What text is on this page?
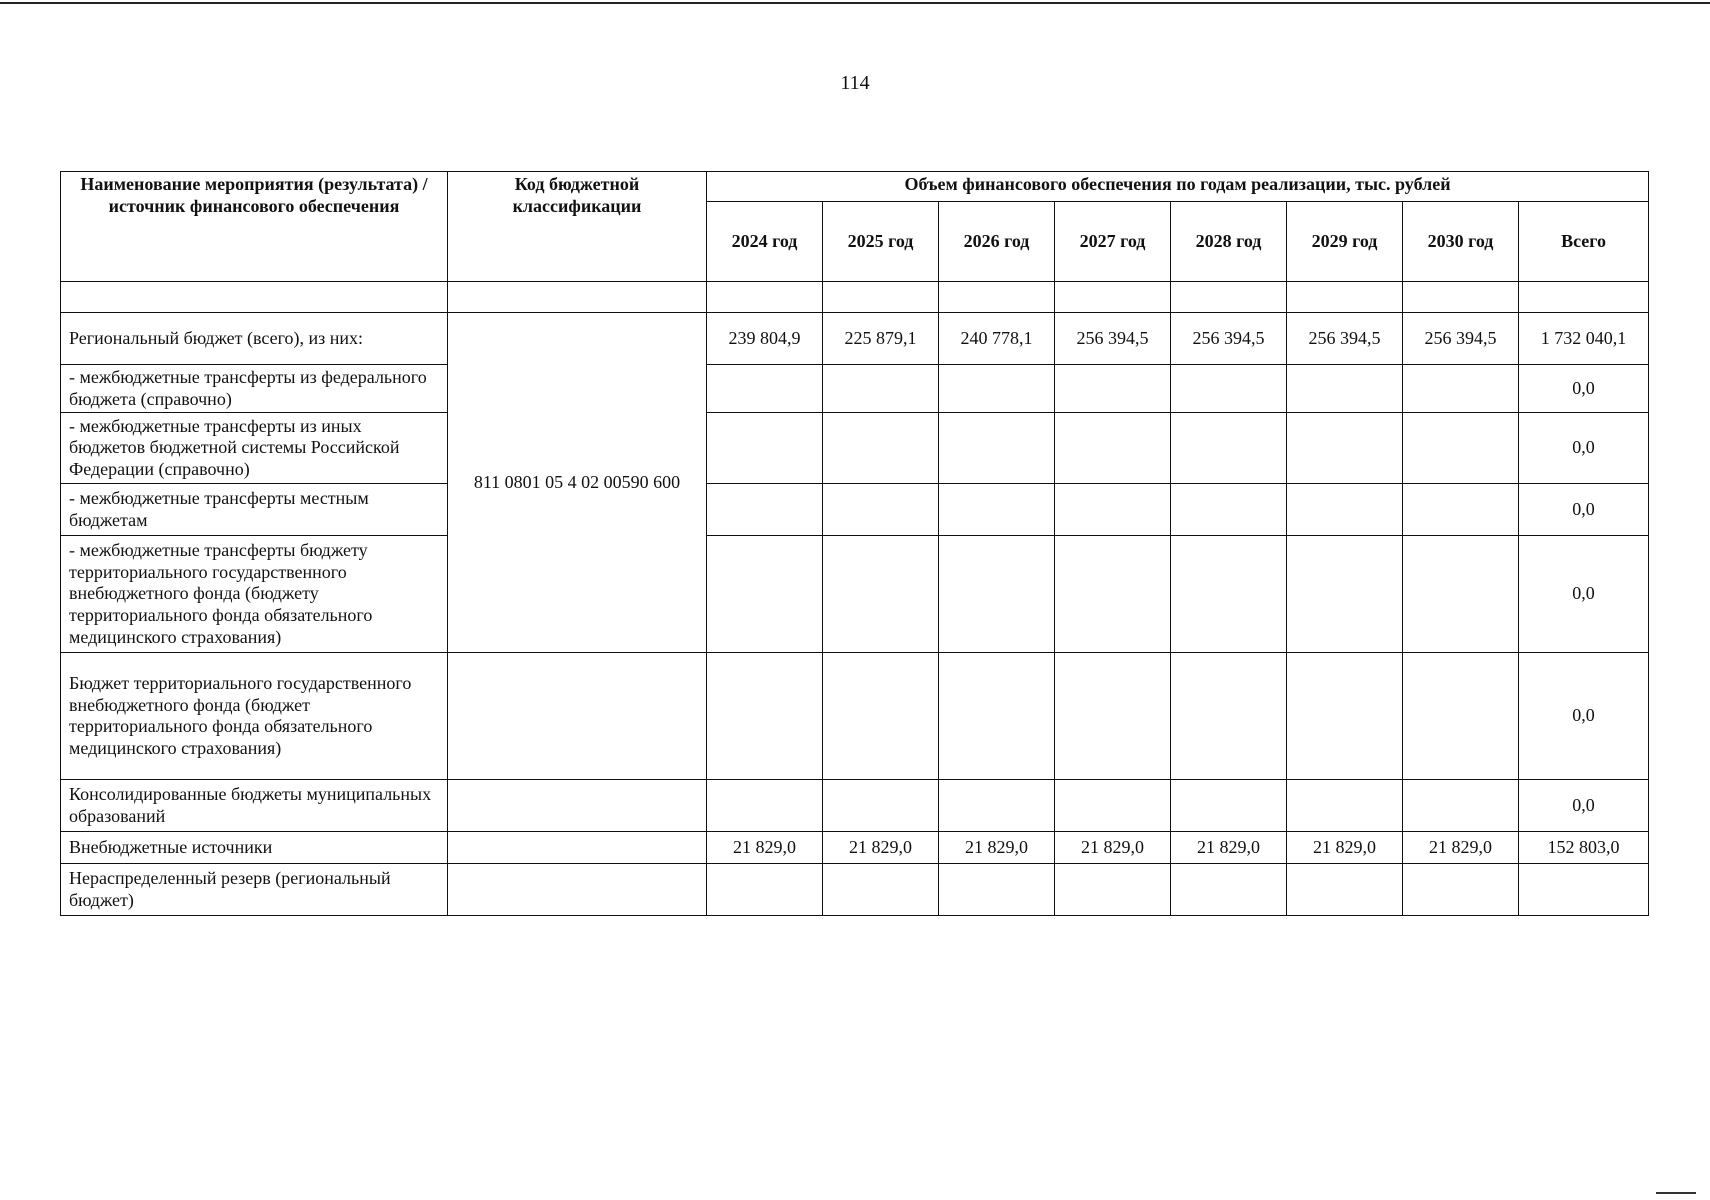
114
Наименование мероприятия (результата) / источник финансового обеспечения	Код бюджетной классификации	Объем финансового обеспечения по годам реализации, тыс. рублей							
		2024 год	2025 год	2026 год	2027 год	2028 год	2029 год	2030 год	Всего

Региональный бюджет (всего), из них:	811 0801 05 4 02 00590 600	239 804,9	225 879,1	240 778,1	256 394,5	256 394,5	256 394,5	256 394,5	1 732 040,1
- межбюджетные трансферты из федерального бюджета (справочно)									0,0
- межбюджетные трансферты из иных бюджетов бюджетной системы Российской Федерации (справочно)									0,0
- межбюджетные трансферты местным бюджетам									0,0
- межбюджетные трансферты бюджету территориального государственного внебюджетного фонда (бюджету территориального фонда обязательного медицинского страхования)									0,0
Бюджет территориального государственного внебюджетного фонда (бюджет территориального фонда обязательного медицинского страхования)									0,0
Консолидированные бюджеты муниципальных образований									0,0
Внебюджетные источники		21 829,0	21 829,0	21 829,0	21 829,0	21 829,0	21 829,0	21 829,0	152 803,0
Нераспределенный резерв (региональный бюджет)									
